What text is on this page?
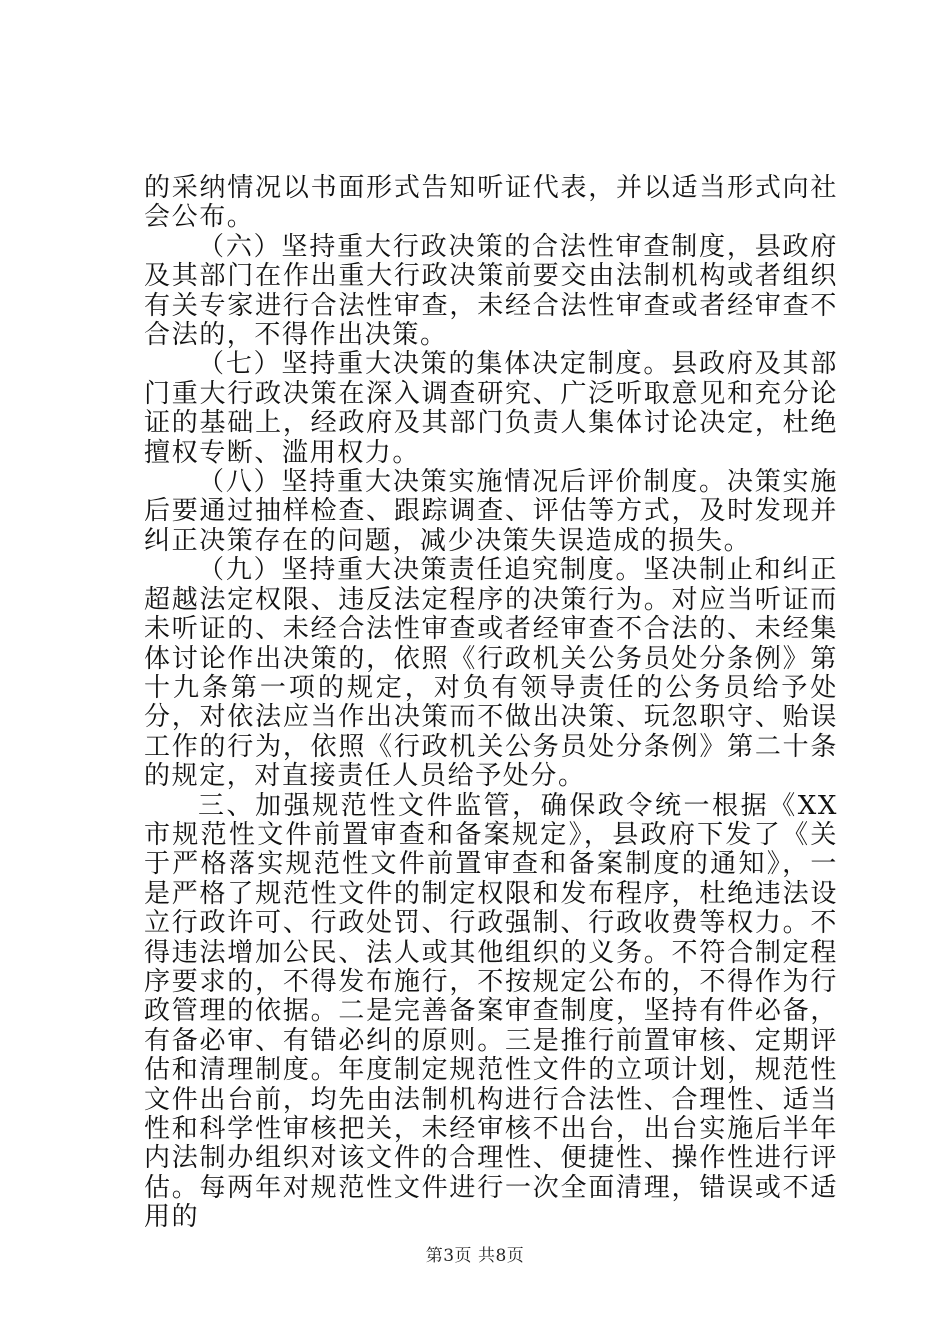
的采纳情况以书面形式告知听证代表，并以适当形式向社会公布。

（六）坚持重大行政决策的合法性审查制度，县政府及其部门在作出重大行政决策前要交由法制机构或者组织有关专家进行合法性审查，未经合法性审查或者经审查不合法的，不得作出决策。

（七）坚持重大决策的集体决定制度。县政府及其部门重大行政决策在深入调查研究、广泛听取意见和充分论证的基础上，经政府及其部门负责人集体讨论决定，杜绝擅权专断、滥用权力。

（八）坚持重大决策实施情况后评价制度。决策实施后要通过抽样检查、跟踪调查、评估等方式，及时发现并纠正决策存在的问题，减少决策失误造成的损失。

（九）坚持重大决策责任追究制度。坚决制止和纠正超越法定权限、违反法定程序的决策行为。对应当听证而未听证的、未经合法性审查或者经审查不合法的、未经集体讨论作出决策的，依照《行政机关公务员处分条例》第十九条第一项的规定，对负有领导责任的公务员给予处分，对依法应当作出决策而不做出决策、玩忽职守、贻误工作的行为，依照《行政机关公务员处分条例》第二十条的规定，对直接责任人员给予处分。

三、加强规范性文件监管，确保政令统一根据《XX市规范性文件前置审查和备案规定》，县政府下发了《关于严格落实规范性文件前置审查和备案制度的通知》，一是严格了规范性文件的制定权限和发布程序，杜绝违法设立行政许可、行政处罚、行政强制、行政收费等权力。不得违法增加公民、法人或其他组织的义务。不符合制定程序要求的，不得发布施行，不按规定公布的，不得作为行政管理的依据。二是完善备案审查制度，坚持有件必备，有备必审、有错必纠的原则。三是推行前置审核、定期评估和清理制度。年度制定规范性文件的立项计划，规范性文件出台前，均先由法制机构进行合法性、合理性、适当性和科学性审核把关，未经审核不出台，出台实施后半年内法制办组织对该文件的合理性、便捷性、操作性进行评估。每两年对规范性文件进行一次全面清理，错误或不适用的

第3页 共8页
